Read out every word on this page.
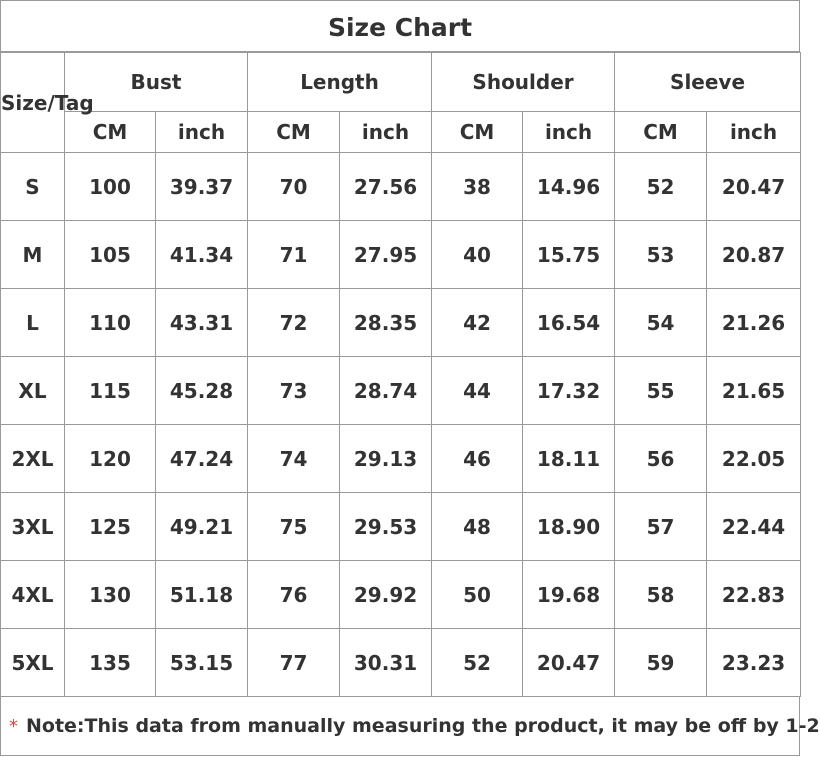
Size Chart
Size/Tag	Bust		Length		Shoulder		Sleeve	
	CM	inch	CM	inch	CM	inch	CM	inch
S	100	39.37	70	27.56	38	14.96	52	20.47
M	105	41.34	71	27.95	40	15.75	53	20.87
L	110	43.31	72	28.35	42	16.54	54	21.26
XL	115	45.28	73	28.74	44	17.32	55	21.65
2XL	120	47.24	74	29.13	46	18.11	56	22.05
3XL	125	49.21	75	29.53	48	18.90	57	22.44
4XL	130	51.18	76	29.92	50	19.68	58	22.83
5XL	135	53.15	77	30.31	52	20.47	59	23.23
* Note:This data from manually measuring the product, it may be off by 1-2
